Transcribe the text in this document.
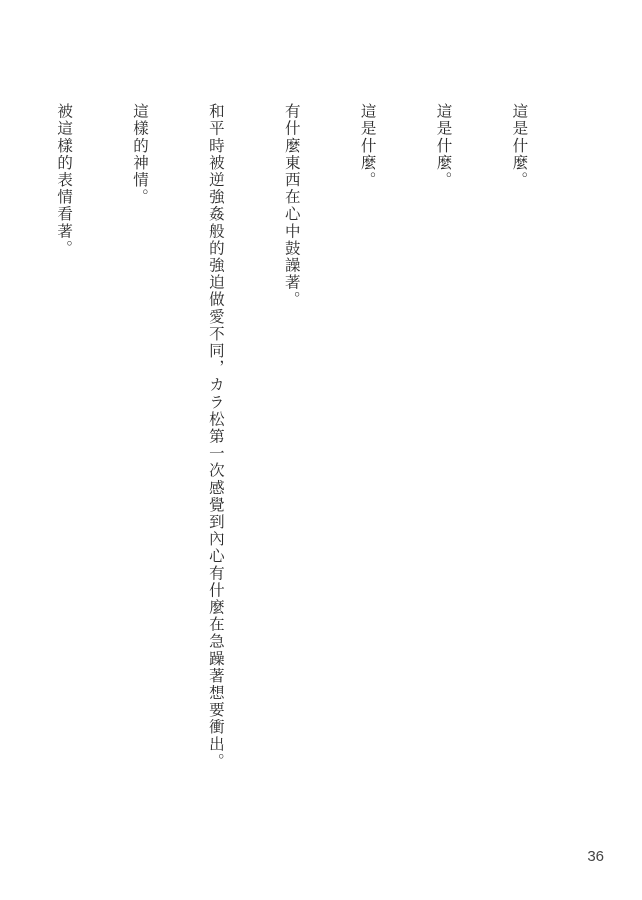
這是什麼。

這是什麼。

這是什麼。

有什麼東西在心中鼓譟著。

和平時被逆強姦般的強迫做愛不同，カラ松第一次感覺到內心有什麼在急躁著想要衝出。

這樣的神情。

被這樣的表情看著。

36
